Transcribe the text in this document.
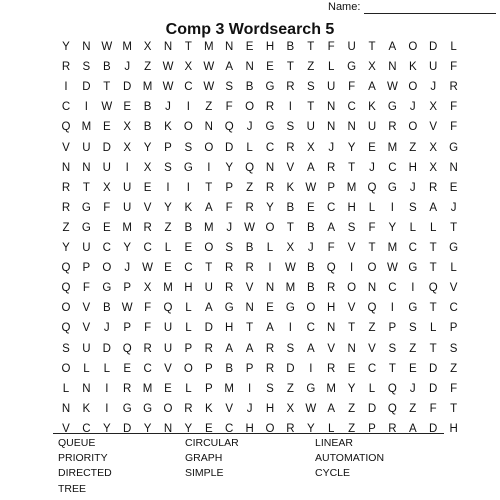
Name:
Comp 3 Wordsearch 5
Y	N W M	X	N	T	M N	E	H	B	T	F	U	T	A	O	D	L
R	S	B	J	Z W X W A	N	E	T	Z	L	G	X	N	K	U	F
I	D	T	D M W C W S	B	G	R	S	U	F	A W O	J	R
C	I	W E	B	J	I	Z	F	O	R	I	T	N	C	K	G	J	X	F
Q M	E	X	B	K	O	N	Q	J	G	S	U	N	N	U	R	O	V	F
V	U	D	X	Y	P	S	O	D	L	C	R	X	J	Y	E	M	Z	X	G
N	N	U	I	X	S	G	I	Y	Q	N	V	A	R	T	J	C	H	X	N
R	T	X	U	E	I	I	T	P	Z	R	K W P	M Q G	J	R	E
R	G	F	U	V	Y	K	A	F	R	Y	B	E	C	H	L	I	S	A	J
Z	G	E	M R	Z	B	M	J	W O	T	B	A	S	F	Y	L	L	T
Y	U	C	Y	C	L	E	O	S	B	L	X	J	F	V	T	M C	T	G
Q	P	O	J	W E	C	T	R	R	I	W B	Q	I	O W G	T	L
Q	F	G	P	X	M H	U	R	V	N M	B	R	O	N	C	I	Q	V
O	V	B W F	Q	L	A	G	N	E	G O	H	V	Q	I	G	T	C
Q	V	J	P	F	U	L	D	H	T	A	I	C	N	T	Z	P	S	L	P
S	U	D	Q	R	U	P	R	A	A	R	S	A	V	N	V	S	Z	T	S
O	L	L	E	C	V	O	P	B	P	R	D	I	R	E	C	T	E	D	Z
L	N	I	R M	E	L	P	M	I	S	Z	G M	Y	L	Q	J	D	F
N	K	I	G G O	R	K	V	J	H	X W A	Z	D	Q	Z	F	T
V	C	Y	D	Y	N	Y	E	C	H	O	R	Y	L	Z	P	R	A	D	H
QUEUE	CIRCULAR	LINEAR
PRIORITY	GRAPH	AUTOMATION
DIRECTED	SIMPLE	CYCLE
TREE
